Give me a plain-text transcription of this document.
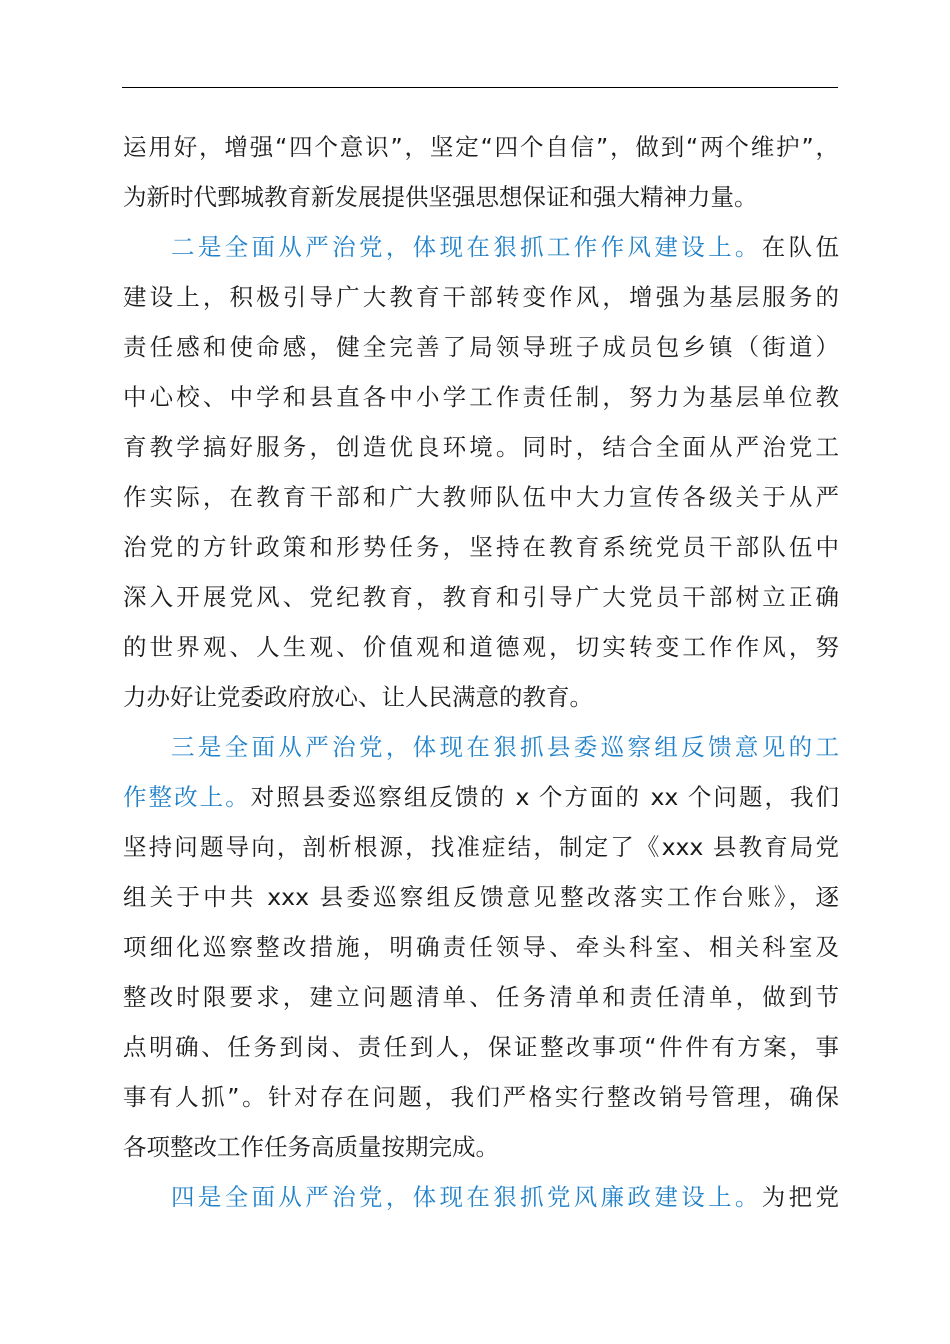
运用好，增强“四个意识”，坚定“四个自信”，做到“两个维护”，
为新时代鄄城教育新发展提供坚强思想保证和强大精神力量。
二是全面从严治党，体现在狠抓工作作风建设上。在队伍
建设上，积极引导广大教育干部转变作风，增强为基层服务的
责任感和使命感，健全完善了局领导班子成员包乡镇（街道）
中心校、中学和县直各中小学工作责任制，努力为基层单位教
育教学搞好服务，创造优良环境。同时，结合全面从严治党工
作实际，在教育干部和广大教师队伍中大力宣传各级关于从严
治党的方针政策和形势任务，坚持在教育系统党员干部队伍中
深入开展党风、党纪教育，教育和引导广大党员干部树立正确
的世界观、人生观、价值观和道德观，切实转变工作作风，努
力办好让党委政府放心、让人民满意的教育。
三是全面从严治党，体现在狠抓县委巡察组反馈意见的工
作整改上。对照县委巡察组反馈的 x 个方面的 xx 个问题，我们
坚持问题导向，剖析根源，找准症结，制定了《xxx 县教育局党
组关于中共 xxx 县委巡察组反馈意见整改落实工作台账》，逐
项细化巡察整改措施，明确责任领导、牵头科室、相关科室及
整改时限要求，建立问题清单、任务清单和责任清单，做到节
点明确、任务到岗、责任到人，保证整改事项“件件有方案，事
事有人抓”。针对存在问题，我们严格实行整改销号管理，确保
各项整改工作任务高质量按期完成。
四是全面从严治党，体现在狠抓党风廉政建设上。为把党
